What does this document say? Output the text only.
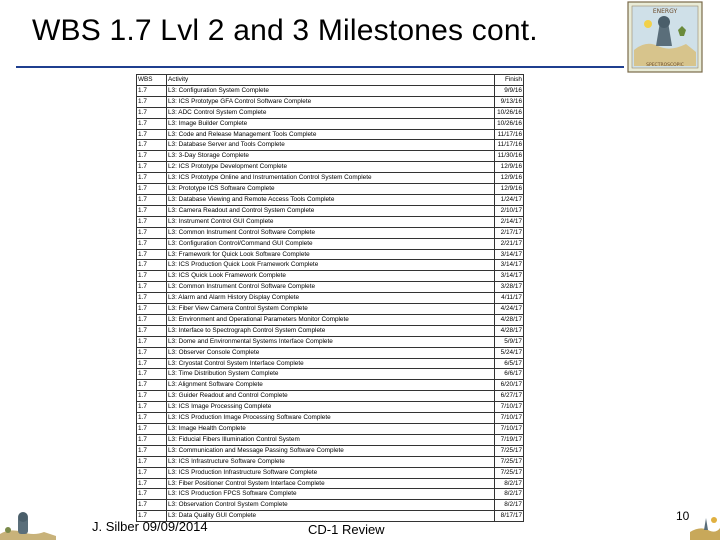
WBS 1.7 Lvl 2 and 3 Milestones cont.
ENERGY
SPECTROSCOPIC
WBS	Activity	Finish
1.7	L3: Configuration System Complete	9/9/16
1.7	L3: ICS Prototype GFA Control Software Complete	9/13/16
1.7	L3: ADC Control System Complete	10/26/16
1.7	L3: Image Builder Complete	10/26/16
1.7	L3: Code and Release Management Tools Complete	11/17/16
1.7	L3: Database Server and Tools Complete	11/17/16
1.7	L3: 3-Day Storage Complete	11/30/16
1.7	L2: ICS Prototype Development Complete	12/9/16
1.7	L3: ICS Prototype Online and Instrumentation Control System Complete	12/9/16
1.7	L3: Prototype ICS Software Complete	12/9/16
1.7	L3: Database Viewing and Remote Access Tools Complete	1/24/17
1.7	L3: Camera Readout and Control System Complete	2/10/17
1.7	L3: Instrument Control GUI Complete	2/14/17
1.7	L3: Common Instrument Control Software Complete	2/17/17
1.7	L3: Configuration Control/Command GUI Complete	2/21/17
1.7	L3: Framework for Quick Look Software Complete	3/14/17
1.7	L3: ICS Production Quick Look Framework Complete	3/14/17
1.7	L3: ICS Quick Look Framework Complete	3/14/17
1.7	L3: Common Instrument Control Software Complete	3/28/17
1.7	L3: Alarm and Alarm History Display Complete	4/11/17
1.7	L3: Fiber View Camera Control System Complete	4/24/17
1.7	L3: Environment and Operational Parameters Monitor Complete	4/28/17
1.7	L3: Interface to Spectrograph Control System Complete	4/28/17
1.7	L3: Dome and Environmental Systems Interface Complete	5/9/17
1.7	L3: Observer Console Complete	5/24/17
1.7	L3: Cryostat Control System Interface Complete	6/5/17
1.7	L3: Time Distribution System Complete	6/6/17
1.7	L3: Alignment Software Complete	6/20/17
1.7	L3: Guider Readout and Control Complete	6/27/17
1.7	L3: ICS Image Processing Complete	7/10/17
1.7	L3: ICS Production Image Processing Software Complete	7/10/17
1.7	L3: Image Health Complete	7/10/17
1.7	L3: Fiducial Fibers Illumination Control System	7/19/17
1.7	L3: Communication and Message Passing Software Complete	7/25/17
1.7	L3: ICS Infrastructure Software Complete	7/25/17
1.7	L3: ICS Production Infrastructure Software Complete	7/25/17
1.7	L3: Fiber Positioner Control System Interface Complete	8/2/17
1.7	L3: ICS Production FPCS Software Complete	8/2/17
1.7	L3: Observation Control System Complete	8/2/17
1.7	L3: Data Quality GUI Complete	8/17/17
J. Silber 09/09/2014	CD-1 Review
10
